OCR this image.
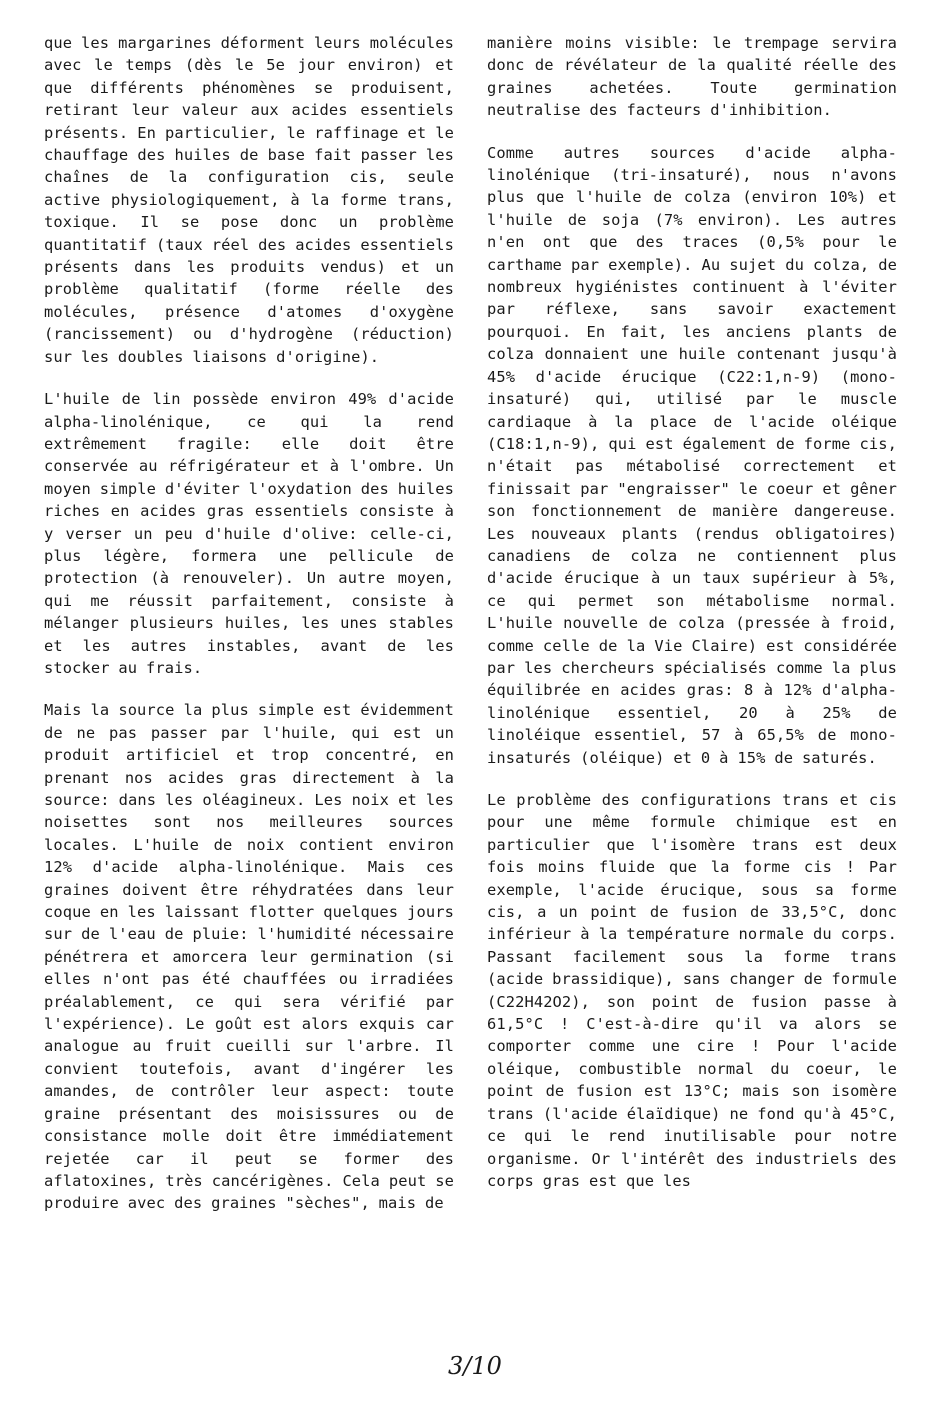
que les margarines déforment leurs molécules avec le temps (dès le 5e jour environ) et que différents phénomènes se produisent, retirant leur valeur aux acides essentiels présents. En particulier, le raffinage et le chauffage des huiles de base fait passer les chaînes de la configuration cis, seule active physiologiquement, à la forme trans, toxique. Il se pose donc un problème quantitatif (taux réel des acides essentiels présents dans les produits vendus) et un problème qualitatif (forme réelle des molécules, présence d'atomes d'oxygène (rancissement) ou d'hydrogène (réduction) sur les doubles liaisons d'origine).

L'huile de lin possède environ 49% d'acide alpha-linolénique, ce qui la rend extrêmement fragile: elle doit être conservée au réfrigérateur et à l'ombre. Un moyen simple d'éviter l'oxydation des huiles riches en acides gras essentiels consiste à y verser un peu d'huile d'olive: celle-ci, plus légère, formera une pellicule de protection (à renouveler). Un autre moyen, qui me réussit parfaitement, consiste à mélanger plusieurs huiles, les unes stables et les autres instables, avant de les stocker au frais.

Mais la source la plus simple est évidemment de ne pas passer par l'huile, qui est un produit artificiel et trop concentré, en prenant nos acides gras directement à la source: dans les oléagineux. Les noix et les noisettes sont nos meilleures sources locales. L'huile de noix contient environ 12% d'acide alpha-linolénique. Mais ces graines doivent être réhydratées dans leur coque en les laissant flotter quelques jours sur de l'eau de pluie: l'humidité nécessaire pénétrera et amorcera leur germination (si elles n'ont pas été chauffées ou irradiées préalablement, ce qui sera vérifié par l'expérience). Le goût est alors exquis car analogue au fruit cueilli sur l'arbre. Il convient toutefois, avant d'ingérer les amandes, de contrôler leur aspect: toute graine présentant des moisissures ou de consistance molle doit être immédiatement rejetée car il peut se former des aflatoxines, très cancérigènes. Cela peut se produire avec des graines "sèches", mais de

manière moins visible: le trempage servira donc de révélateur de la qualité réelle des graines achetées. Toute germination neutralise des facteurs d'inhibition.

Comme autres sources d'acide alpha-linolénique (tri-insaturé), nous n'avons plus que l'huile de colza (environ 10%) et l'huile de soja (7% environ). Les autres n'en ont que des traces (0,5% pour le carthame par exemple). Au sujet du colza, de nombreux hygiénistes continuent à l'éviter par réflexe, sans savoir exactement pourquoi. En fait, les anciens plants de colza donnaient une huile contenant jusqu'à 45% d'acide érucique (C22:1,n-9) (mono-insaturé) qui, utilisé par le muscle cardiaque à la place de l'acide oléique (C18:1,n-9), qui est également de forme cis, n'était pas métabolisé correctement et finissait par "engraisser" le coeur et gêner son fonctionnement de manière dangereuse. Les nouveaux plants (rendus obligatoires) canadiens de colza ne contiennent plus d'acide érucique à un taux supérieur à 5%, ce qui permet son métabolisme normal. L'huile nouvelle de colza (pressée à froid, comme celle de la Vie Claire) est considérée par les chercheurs spécialisés comme la plus équilibrée en acides gras: 8 à 12% d'alpha-linolénique essentiel, 20 à 25% de linoléique essentiel, 57 à 65,5% de mono-insaturés (oléique) et 0 à 15% de saturés.

Le problème des configurations trans et cis pour une même formule chimique est en particulier que l'isomère trans est deux fois moins fluide que la forme cis ! Par exemple, l'acide érucique, sous sa forme cis, a un point de fusion de 33,5°C, donc inférieur à la température normale du corps. Passant facilement sous la forme trans (acide brassidique), sans changer de formule (C22H42O2), son point de fusion passe à 61,5°C ! C'est-à-dire qu'il va alors se comporter comme une cire ! Pour l'acide oléique, combustible normal du coeur, le point de fusion est 13°C; mais son isomère trans (l'acide élaïdique) ne fond qu'à 45°C, ce qui le rend inutilisable pour notre organisme. Or l'intérêt des industriels des corps gras est que les

3/10
